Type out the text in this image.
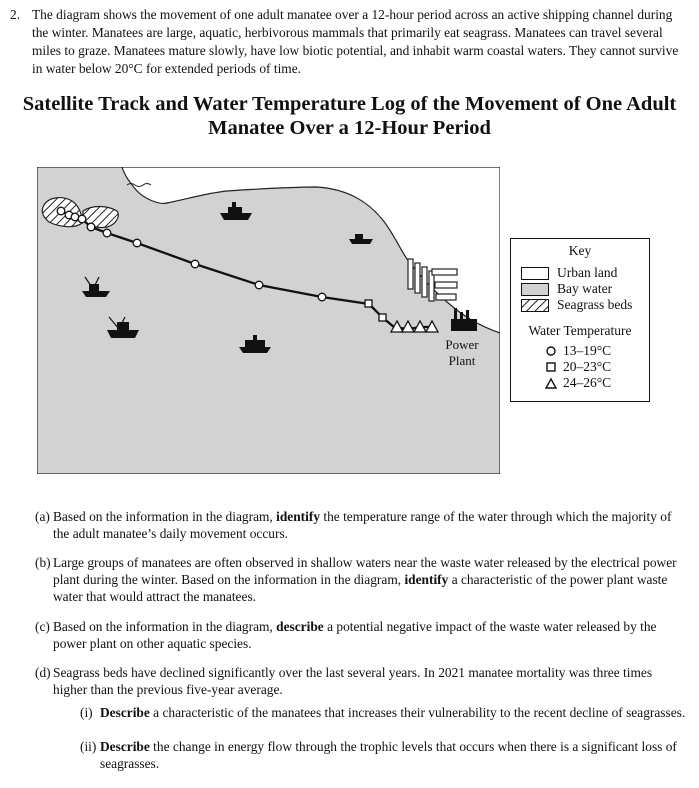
2. The diagram shows the movement of one adult manatee over a 12-hour period across an active shipping channel during the winter. Manatees are large, aquatic, herbivorous mammals that primarily eat seagrass. Manatees can travel several miles to graze. Manatees mature slowly, have low biotic potential, and inhabit warm coastal waters. They cannot survive in water below 20°C for extended periods of time.
Satellite Track and Water Temperature Log of the Movement of One Adult
Manatee Over a 12-Hour Period
Power
Plant
Key
Urban land
Bay water
Seagrass beds
Water Temperature
13–19°C
20–23°C
24–26°C
(a) Based on the information in the diagram, identify the temperature range of the water through which the majority of the adult manatee’s daily movement occurs.
(b) Large groups of manatees are often observed in shallow waters near the waste water released by the electrical power plant during the winter. Based on the information in the diagram, identify a characteristic of the power plant waste water that would attract the manatees.
(c) Based on the information in the diagram, describe a potential negative impact of the waste water released by the power plant on other aquatic species.
(d) Seagrass beds have declined significantly over the last several years. In 2021 manatee mortality was three times higher than the previous five-year average.
(i) Describe a characteristic of the manatees that increases their vulnerability to the recent decline of seagrasses.
(ii) Describe the change in energy flow through the trophic levels that occurs when there is a significant loss of seagrasses.
